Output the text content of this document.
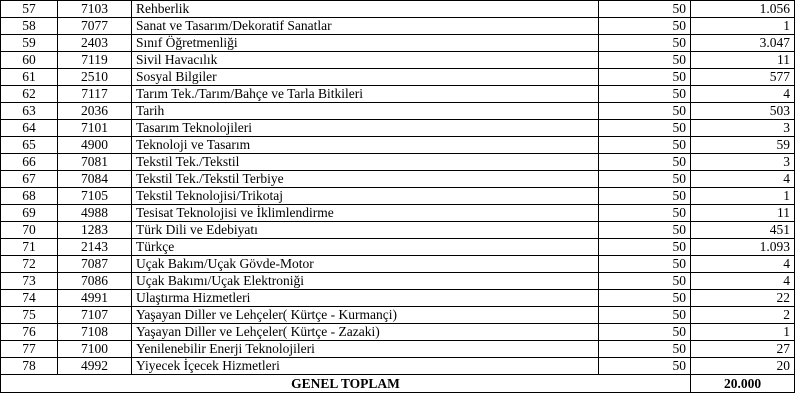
57	7103	Rehberlik	50	1.056
58	7077	Sanat ve Tasarım/Dekoratif Sanatlar	50	1
59	2403	Sınıf Öğretmenliği	50	3.047
60	7119	Sivil Havacılık	50	11
61	2510	Sosyal Bilgiler	50	577
62	7117	Tarım Tek./Tarım/Bahçe ve Tarla Bitkileri	50	4
63	2036	Tarih	50	503
64	7101	Tasarım Teknolojileri	50	3
65	4900	Teknoloji ve Tasarım	50	59
66	7081	Tekstil Tek./Tekstil	50	3
67	7084	Tekstil Tek./Tekstil Terbiye	50	4
68	7105	Tekstil Teknolojisi/Trikotaj	50	1
69	4988	Tesisat Teknolojisi ve İklimlendirme	50	11
70	1283	Türk Dili ve Edebiyatı	50	451
71	2143	Türkçe	50	1.093
72	7087	Uçak Bakım/Uçak Gövde-Motor	50	4
73	7086	Uçak Bakımı/Uçak Elektroniği	50	4
74	4991	Ulaştırma Hizmetleri	50	22
75	7107	Yaşayan Diller ve Lehçeler( Kürtçe - Kurmançi)	50	2
76	7108	Yaşayan Diller ve Lehçeler( Kürtçe - Zazaki)	50	1
77	7100	Yenilenebilir Enerji Teknolojileri	50	27
78	4992	Yiyecek İçecek Hizmetleri	50	20
GENEL TOPLAM				20.000
